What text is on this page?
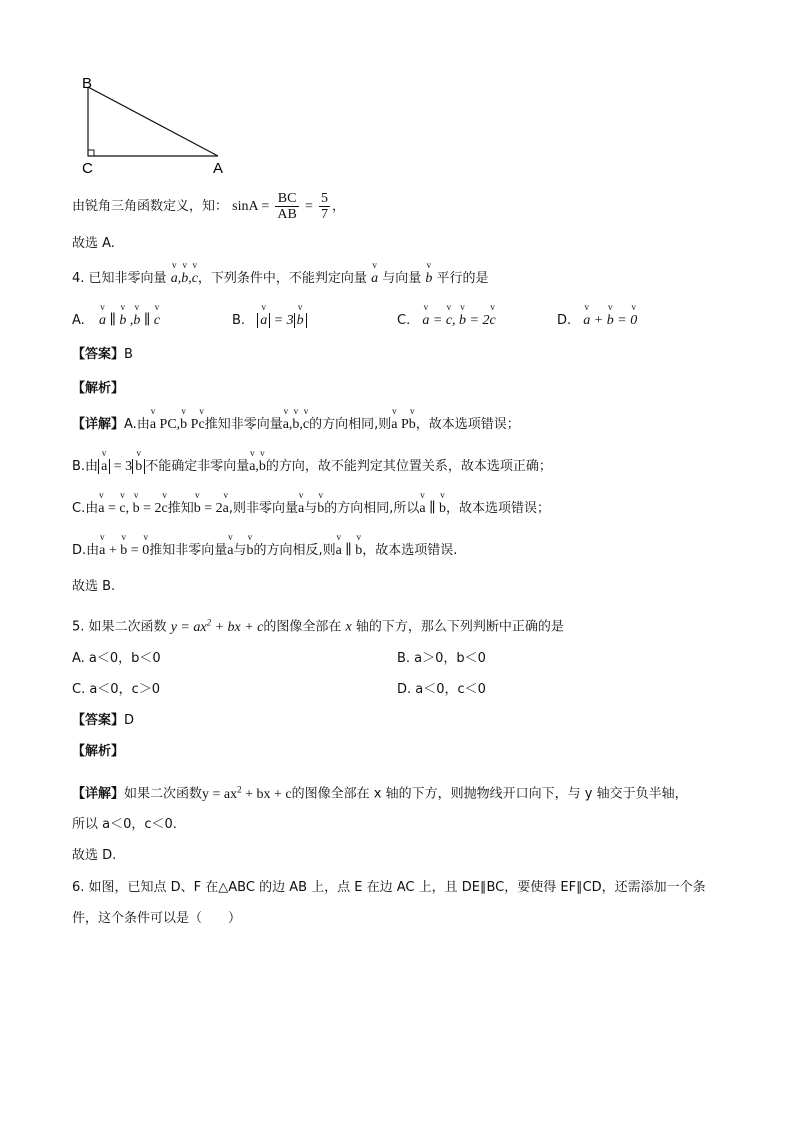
B
C	A
由锐角三角函数定义，知： $\sin A = \frac{BC}{AB} = \frac{5}{7}$ ，
故选 A.
4. 已知非零向量 v a,v b,v c，下列条件中，不能判定向量 v a 与向量 v b 平行的是
A. v a ∥ v b ,v b ∥ v c	B. v a = 3 v b	C. v a = v c, v b = 2v c	D. v a + v b = v 0
【答案】B
【解析】
【详解】A.由v a PC,v b Pv c推知非零向量v a,v b,v c的方向相同,则v a Pv b，故本选项错误；
B.由 v a = 3 v b 不能确定非零向量v a,v b的方向，故不能判定其位置关系，故本选项正确；
C.由v a = v c, v b = 2v c推知v b = 2v a,则非零向量v a与v b的方向相同,所以v a ∥ v b，故本选项错误；
D.由v a + v b = v 0推知非零向量v a与v b的方向相反,则v a ∥ v b，故本选项错误.
故选 B.
5. 如果二次函数 $y = ax^2$ + bx + c的图像全部在 x 轴的下方，那么下列判断中正确的是
A. a＜0，b＜0	B. a＞0，b＜0
C. a＜0，c＞0	D. a＜0，c＜0
【答案】D
【解析】
【详解】如果二次函数$y = ax^2$ + bx + c的图像全部在 x 轴的下方，则抛物线开口向下，与 y 轴交于负半轴，
所以 a＜0，c＜0.
故选 D.
6. 如图，已知点 D、F 在△ABC 的边 AB 上，点 E 在边 AC 上，且 DE∥BC，要使得 EF∥CD，还需添加一个条
件，这个条件可以是（　　）
